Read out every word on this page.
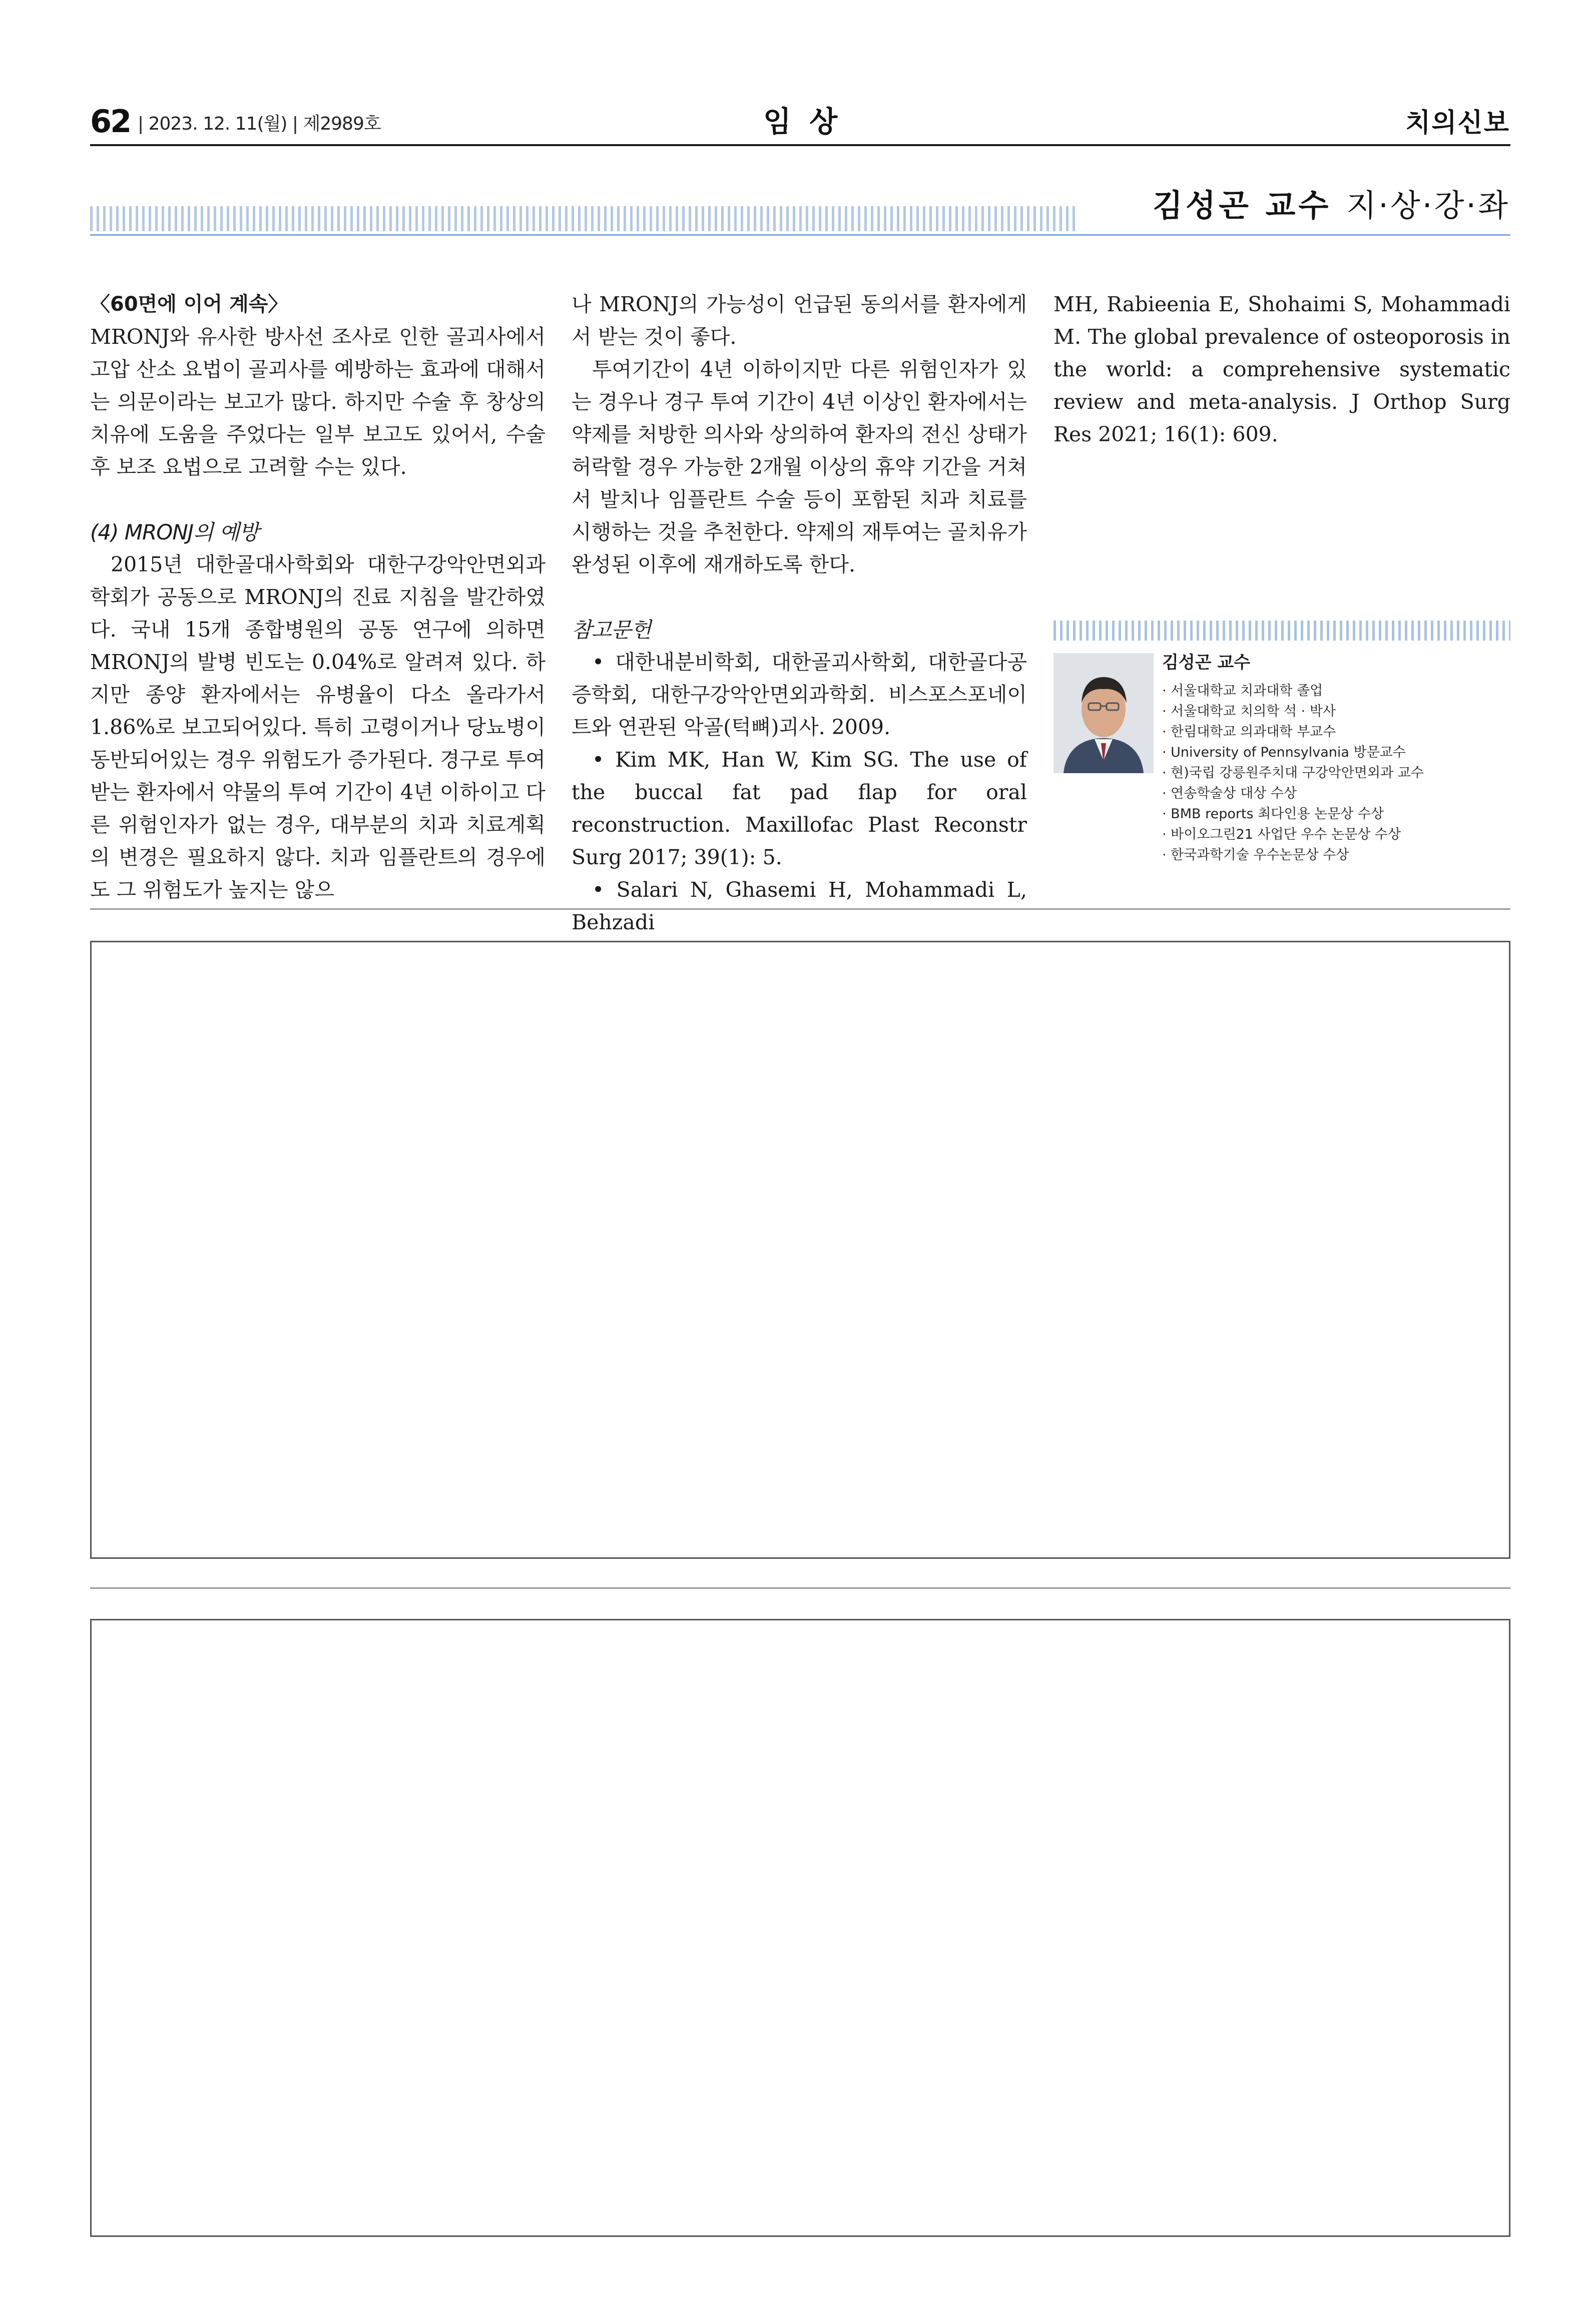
62 | 2023. 12. 11(월) | 제2989호	임 상	치의신보
김성곤 교수 지·상·강·좌

〈60면에 이어 계속〉

MRONJ와 유사한 방사선 조사로 인한 골괴사에서 고압 산소 요법이 골괴사를 예방하는 효과에 대해서는 의문이라는 보고가 많다. 하지만 수술 후 창상의 치유에 도움을 주었다는 일부 보고도 있어서, 수술 후 보조 요법으로 고려할 수는 있다.

(4) MRONJ의 예방

2015년 대한골대사학회와 대한구강악안면외과학회가 공동으로 MRONJ의 진료 지침을 발간하였다. 국내 15개 종합병원의 공동 연구에 의하면 MRONJ의 발병 빈도는 0.04%로 알려져 있다. 하지만 종양 환자에서는 유병율이 다소 올라가서 1.86%로 보고되어있다. 특히 고령이거나 당뇨병이 동반되어있는 경우 위험도가 증가된다. 경구로 투여받는 환자에서 약물의 투여 기간이 4년 이하이고 다른 위험인자가 없는 경우, 대부분의 치과 치료계획의 변경은 필요하지 않다. 치과 임플란트의 경우에도 그 위험도가 높지는 않으

나 MRONJ의 가능성이 언급된 동의서를 환자에게서 받는 것이 좋다.

투여기간이 4년 이하이지만 다른 위험인자가 있는 경우나 경구 투여 기간이 4년 이상인 환자에서는 약제를 처방한 의사와 상의하여 환자의 전신 상태가 허락할 경우 가능한 2개월 이상의 휴약 기간을 거쳐서 발치나 임플란트 수술 등이 포함된 치과 치료를 시행하는 것을 추천한다. 약제의 재투여는 골치유가 완성된 이후에 재개하도록 한다.

참고문헌

• 대한내분비학회, 대한골괴사학회, 대한골다공증학회, 대한구강악안면외과학회. 비스포스포네이트와 연관된 악골(턱뼈)괴사. 2009.

• Kim MK, Han W, Kim SG. The use of the buccal fat pad flap for oral reconstruction. Maxillofac Plast Reconstr Surg 2017; 39(1): 5.

• Salari N, Ghasemi H, Mohammadi L, Behzadi

MH, Rabieenia E, Shohaimi S, Mohammadi M. The global prevalence of osteoporosis in the world: a comprehensive systematic review and meta-analysis. J Orthop Surg Res 2021; 16(1): 609.

김성곤 교수
· 서울대학교 치과대학 졸업
· 서울대학교 치의학 석 · 박사
· 한림대학교 의과대학 부교수
· University of Pennsylvania 방문교수
· 현)국립 강릉원주치대 구강악안면외과 교수
· 연송학술상 대상 수상
· BMB reports 최다인용 논문상 수상
· 바이오그린21 사업단 우수 논문상 수상
· 한국과학기술 우수논문상 수상
